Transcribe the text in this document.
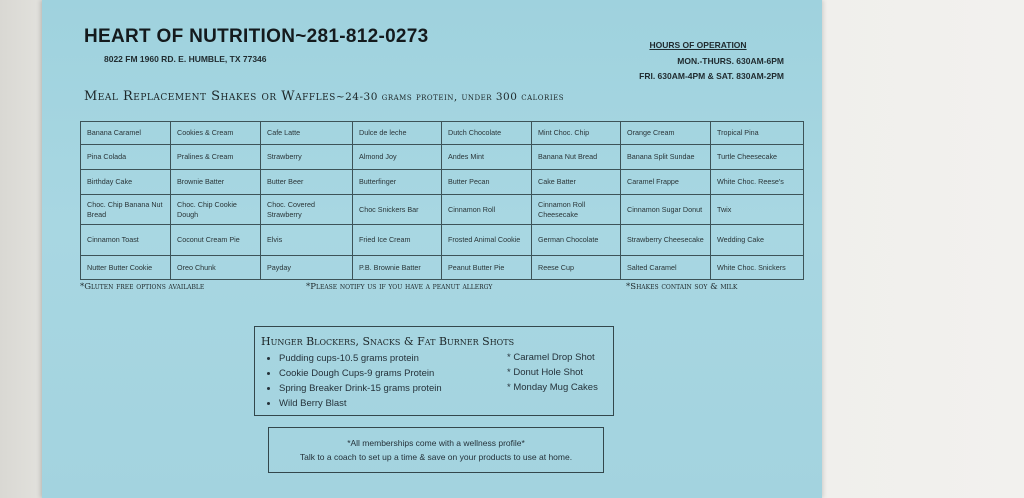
HEART OF NUTRITION~281-812-0273
8022 FM 1960 RD. E. HUMBLE, TX 77346
HOURS OF OPERATION
MON.-THURS. 630AM-6PM
FRI. 630AM-4PM & SAT. 830AM-2PM
Meal Replacement Shakes or Waffles~24-30 grams protein, under 300 calories
Banana Caramel	Cookies & Cream	Cafe Latte	Dulce de leche	Dutch Chocolate	Mint Choc. Chip	Orange Cream	Tropical Pina
Pina Colada	Pralines & Cream	Strawberry	Almond Joy	Andes Mint	Banana Nut Bread	Banana Split Sundae	Turtle Cheesecake
Birthday Cake	Brownie Batter	Butter Beer	Butterfinger	Butter Pecan	Cake Batter	Caramel Frappe	White Choc. Reese's
Choc. Chip Banana Nut Bread	Choc. Chip Cookie Dough	Choc. Covered Strawberry	Choc Snickers Bar	Cinnamon Roll	Cinnamon Roll Cheesecake	Cinnamon Sugar Donut	Twix
Cinnamon Toast	Coconut Cream Pie	Elvis	Fried Ice Cream	Frosted Animal Cookie	German Chocolate	Strawberry Cheesecake	Wedding Cake
Nutter Butter Cookie	Oreo Chunk	Payday	P.B. Brownie Batter	Peanut Butter Pie	Reese Cup	Salted Caramel	White Choc. Snickers
*Gluten free options available	*Please notify us if you have a peanut allergy	*Shakes contain soy & milk
Hunger Blockers, Snacks & Fat Burner Shots
• Pudding cups-10.5 grams protein
• Cookie Dough Cups-9 grams Protein
• Spring Breaker Drink-15 grams protein
• Wild Berry Blast
* Caramel Drop Shot
* Donut Hole Shot
* Monday Mug Cakes
*All memberships come with a wellness profile*
Talk to a coach to set up a time & save on your products to use at home.
